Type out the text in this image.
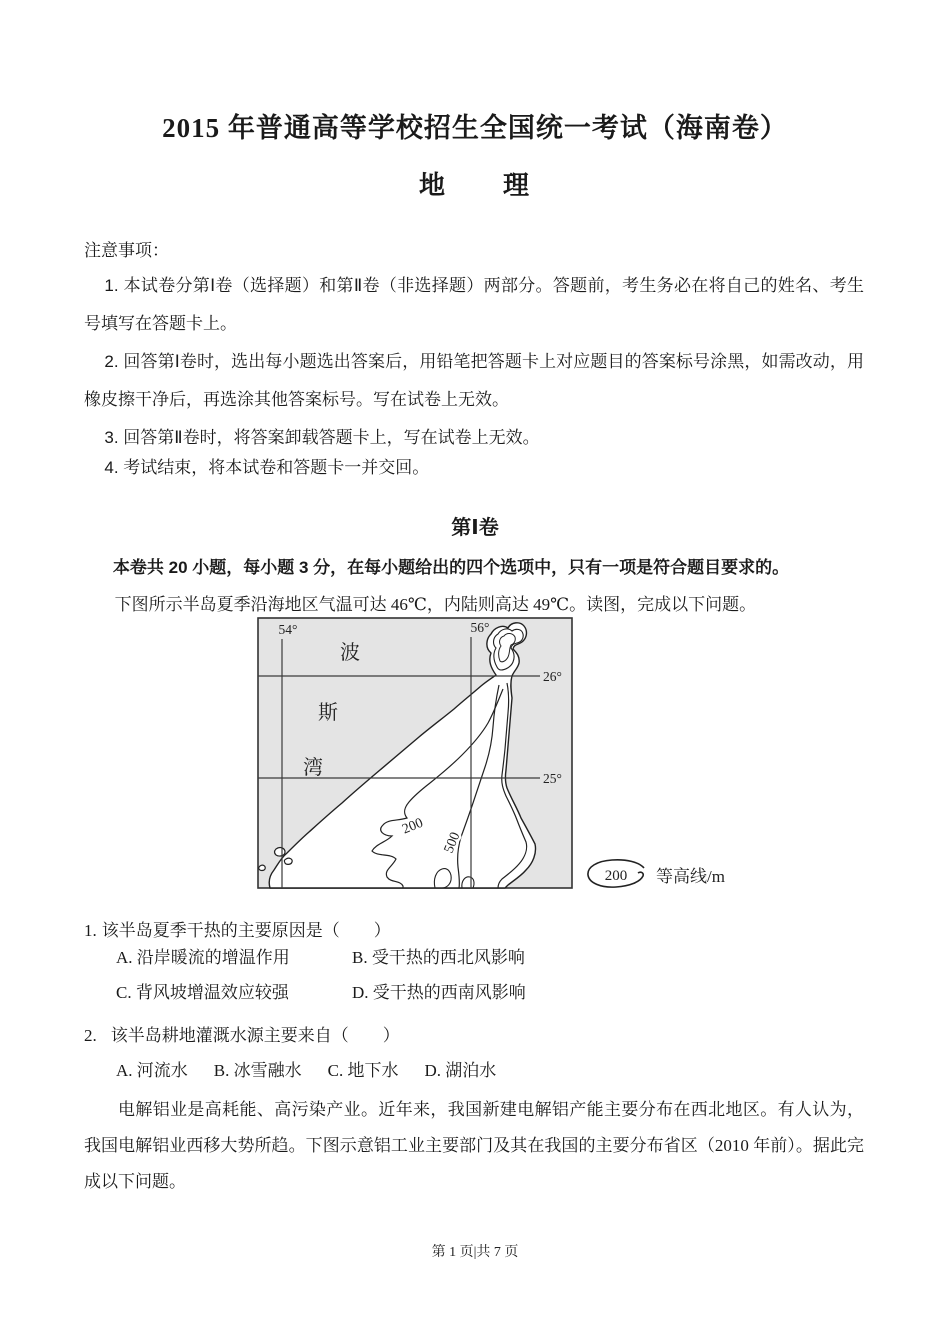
2015 年普通高等学校招生全国统一考试（海南卷）
地　　理
注意事项：

1. 本试卷分第Ⅰ卷（选择题）和第Ⅱ卷（非选择题）两部分。答题前，考生务必在将自己的姓名、考生号填写在答题卡上。

2. 回答第Ⅰ卷时，选出每小题选出答案后，用铅笔把答题卡上对应题目的答案标号涂黑，如需改动，用橡皮擦干净后，再选涂其他答案标号。写在试卷上无效。

3. 回答第Ⅱ卷时，将答案卸载答题卡上，写在试卷上无效。

4. 考试结束，将本试卷和答题卡一并交回。

第Ⅰ卷

本卷共 20 小题，每小题 3 分，在每小题给出的四个选项中，只有一项是符合题目要求的。

下图所示半岛夏季沿海地区气温可达 46℃，内陆则高达 49℃。读图，完成以下问题。

54°	56°
26°
25°
波
斯
湾
200
500
200 等高线/m

1. 该半岛夏季干热的主要原因是（　　）

A. 沿岸暖流的增温作用	B. 受干热的西北风影响
C. 背风坡增温效应较强	D. 受干热的西南风影响

2. 该半岛耕地灌溉水源主要来自（　　）

A. 河流水 B. 冰雪融水 C. 地下水 D. 湖泊水

电解铝业是高耗能、高污染产业。近年来，我国新建电解铝产能主要分布在西北地区。有人认为，我国电解铝业西移大势所趋。下图示意铝工业主要部门及其在我国的主要分布省区（2010 年前）。据此完成以下问题。

第 1 页|共 7 页
